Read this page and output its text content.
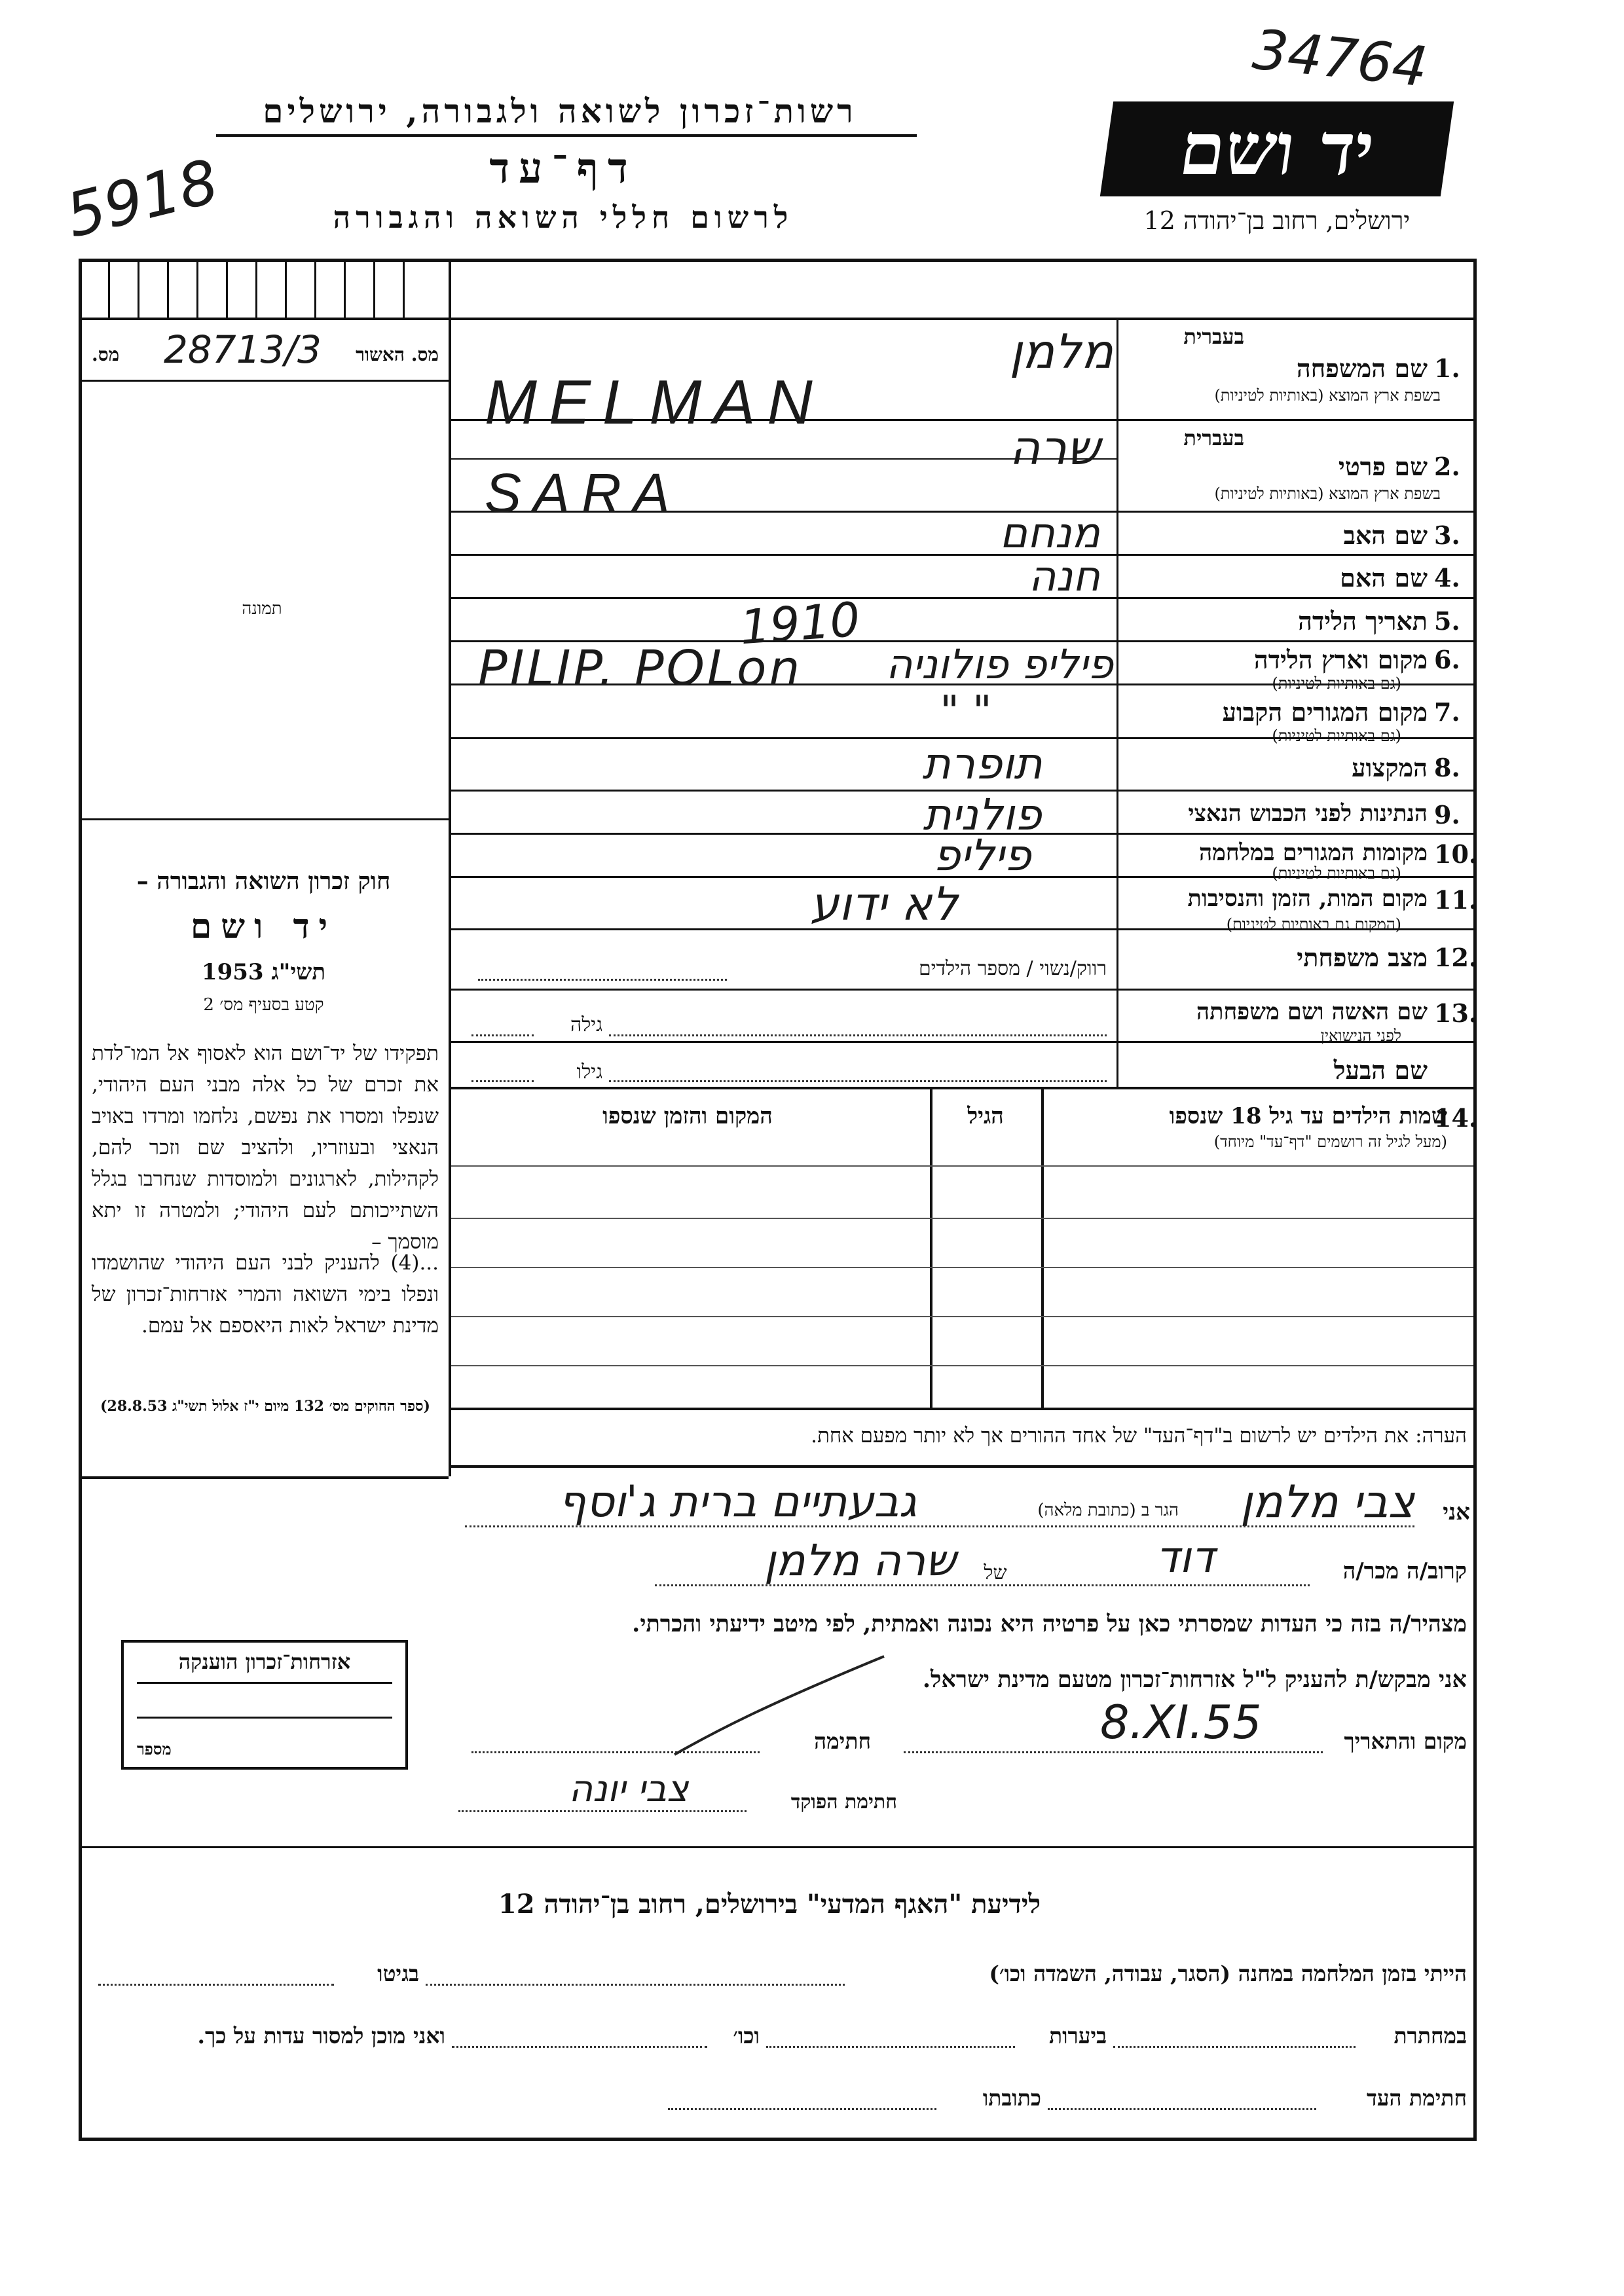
34764
5918	יד ושם
ירושלים, רחוב בן־יהודה 12
רשות־זכרון לשואה ולגבורה, ירושלים
דף־עד
לרשום חללי השואה והגבורה
מס. האשור
28713/3
מס.
תמונה
חוק זכרון השואה והגבורה –
יד ושם
תשי"ג 1953
קטע בסעיף מס׳ 2
תפקידו של יד־ושם הוא לאסוף אל המו־לדת את זכרם של כל אלה מבני העם היהודי, שנפלו ומסרו את נפשם, נלחמו ומרדו באויב הנאצי ובעוזריו, ולהציב שם וזכר להם, לקהילות, לארגונים ולמוסדות שנחרבו בגלל השתייכותם לעם היהודי; ולמטרה זו יתא מוסמך –
...(4) להעניק לבני העם היהודי שהושמדו ונפלו בימי השואה והמרי אזרחות־זכרון של מדינת ישראל לאות היאספם אל עמם.
(ספר החוקים מס׳ 132 מיום י"ז אלול תשי"ג 28.8.53)
בעברית
שם המשפחה 1.
בשפת ארץ המוצא (באותיות לטיניות)
בעברית
שם פרטי 2.
בשפת ארץ המוצא (באותיות לטיניות)
שם האב 3.
שם האם 4.
תאריך הלידה 5.
מקום וארץ הלידה 6.
(גם באותיות לטיניות)
מקום המגורים הקבוע 7.
(גם באותיות לטיניות)
המקצוע 8.
הנתינות לפני הכבוש הנאצי 9.
מקומות המגורים במלחמה 10.
(גם באותיות לטיניות)
מקום המות, הזמן והנסיבות 11.
(המקום גם באותיות לטיניות)
מצב משפחתי 12.
רווק/נשוי / מספר הילדים
שם האשה ושם משפחתה 13.
לפני הנישואין
גילה
שם הבעל
גילו
שמות הילדים עד גיל 18 שנספו
14.
(מעל לגיל זה רושמים "דף־עד" מיוחד)
הגיל
המקום והזמן שנספו
הערה: את הילדים יש לרשום ב"דף־העד" של אחד ההורים אך לא יותר מפעם אחת.
מלמן
MELMAN
שרה
SARA
מנחם
חנה
1910
פיליפ פולוניה
PILIP. POLon
" "
תופרת
פולנית
פיליפ
לא ידוע
אני
צבי מלמן
הגר ב (כתובת מלאה)
גבעתיים ברית ג'וסף
קרוב/ה מכר/ה
דוד
של
שרה מלמן
מצהיר/ה בזה כי העדות שמסרתי כאן על פרטיה היא נכונה ואמתית, לפי מיטב ידיעתי והכרתי.
אני מבקש/ת להעניק ל"ל אזרחות־זכרון מטעם מדינת ישראל.
מקום והתאריך
8.XI.55
חתימה
חתימת הפוקד
צבי יונה
אזרחות־זכרון הוענקה
מספר
לידיעת "האגף המדעי" בירושלים, רחוב בן־יהודה 12
הייתי בזמן המלחמה במחנה (הסגר, עבודה, השמדה וכו׳)
בגיטו
במחתרת
ביערות
וכו׳
ואני מוכן למסור עדות על כך.
חתימת העד
כתובתו
